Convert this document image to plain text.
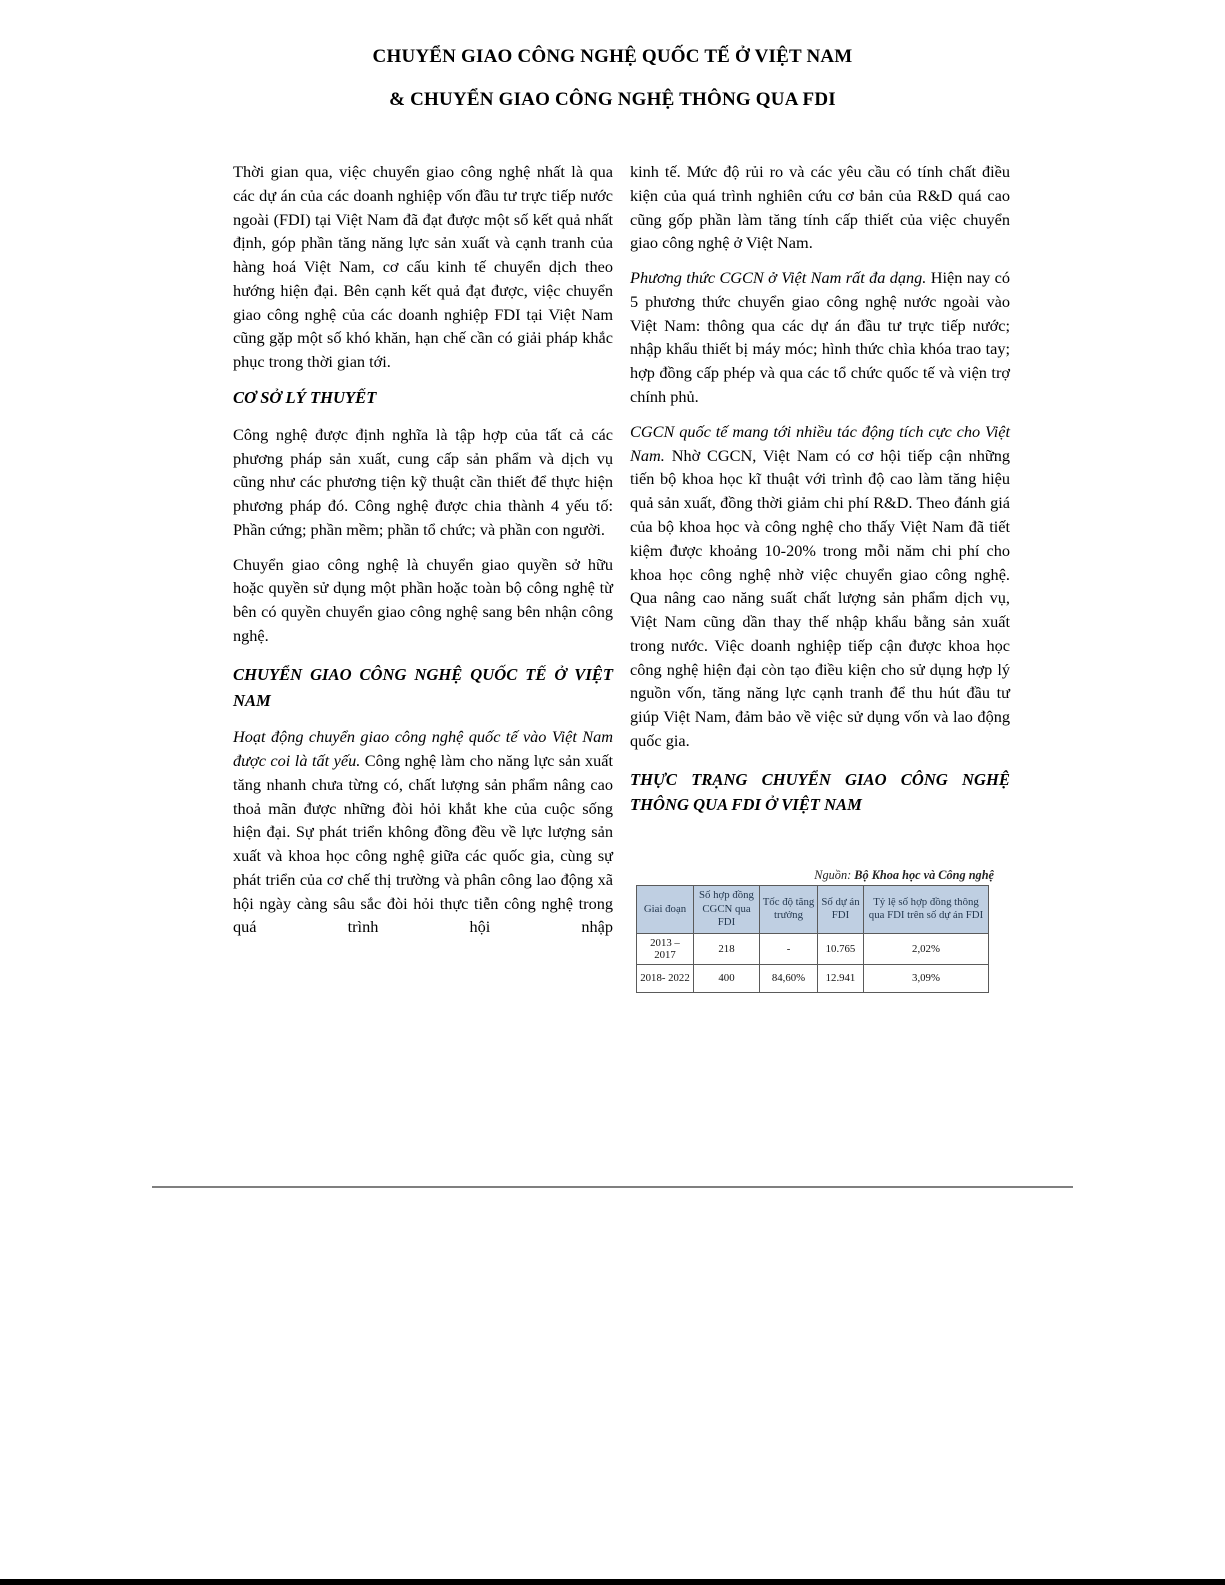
CHUYỂN GIAO CÔNG NGHỆ QUỐC TẾ Ở VIỆT NAM
& CHUYỂN GIAO CÔNG NGHỆ THÔNG QUA FDI

Thời gian qua, việc chuyển giao công nghệ nhất là qua các dự án của các doanh nghiệp vốn đầu tư trực tiếp nước ngoài (FDI) tại Việt Nam đã đạt được một số kết quả nhất định, góp phần tăng năng lực sản xuất và cạnh tranh của hàng hoá Việt Nam, cơ cấu kinh tế chuyển dịch theo hướng hiện đại. Bên cạnh kết quả đạt được, việc chuyển giao công nghệ của các doanh nghiệp FDI tại Việt Nam cũng gặp một số khó khăn, hạn chế cần có giải pháp khắc phục trong thời gian tới.

CƠ SỞ LÝ THUYẾT

Công nghệ được định nghĩa là tập hợp của tất cả các phương pháp sản xuất, cung cấp sản phẩm và dịch vụ cũng như các phương tiện kỹ thuật cần thiết để thực hiện phương pháp đó. Công nghệ được chia thành 4 yếu tố: Phần cứng; phần mềm; phần tổ chức; và phần con người.

Chuyển giao công nghệ là chuyển giao quyền sở hữu hoặc quyền sử dụng một phần hoặc toàn bộ công nghệ từ bên có quyền chuyển giao công nghệ sang bên nhận công nghệ.

CHUYỂN GIAO CÔNG NGHỆ QUỐC TẾ Ở VIỆT NAM

Hoạt động chuyển giao công nghệ quốc tế vào Việt Nam được coi là tất yếu. Công nghệ làm cho năng lực sản xuất tăng nhanh chưa từng có, chất lượng sản phẩm nâng cao thoả mãn được những đòi hỏi khắt khe của cuộc sống hiện đại. Sự phát triển không đồng đều về lực lượng sản xuất và khoa học công nghệ giữa các quốc gia, cùng sự phát triển của cơ chế thị trường và phân công lao động xã hội ngày càng sâu sắc đòi hỏi thực tiễn công nghệ trong quá trình hội nhập

kinh tế. Mức độ rủi ro và các yêu cầu có tính chất điều kiện của quá trình nghiên cứu cơ bản của R&D quá cao cũng gốp phần làm tăng tính cấp thiết của việc chuyển giao công nghệ ở Việt Nam.

Phương thức CGCN ở Việt Nam rất đa dạng. Hiện nay có 5 phương thức chuyển giao công nghệ nước ngoài vào Việt Nam: thông qua các dự án đầu tư trực tiếp nước; nhập khẩu thiết bị máy móc; hình thức chìa khóa trao tay; hợp đồng cấp phép và qua các tổ chức quốc tế và viện trợ chính phủ.

CGCN quốc tế mang tới nhiều tác động tích cực cho Việt Nam. Nhờ CGCN, Việt Nam có cơ hội tiếp cận những tiến bộ khoa học kĩ thuật với trình độ cao làm tăng hiệu quả sản xuất, đồng thời giảm chi phí R&D. Theo đánh giá của bộ khoa học và công nghệ cho thấy Việt Nam đã tiết kiệm được khoảng 10-20% trong mỗi năm chi phí cho khoa học công nghệ nhờ việc chuyển giao công nghệ. Qua nâng cao năng suất chất lượng sản phẩm dịch vụ, Việt Nam cũng dần thay thế nhập khẩu bằng sản xuất trong nước. Việc doanh nghiệp tiếp cận được khoa học công nghệ hiện đại còn tạo điều kiện cho sử dụng hợp lý nguồn vốn, tăng năng lực cạnh tranh để thu hút đầu tư giúp Việt Nam, đảm bảo về việc sử dụng vốn và lao động quốc gia.

THỰC TRẠNG CHUYỂN GIAO CÔNG NGHỆ THÔNG QUA FDI Ở VIỆT NAM

Nguồn: Bộ Khoa học và Công nghệ

Giai đoạn	Số hợp đồng CGCN qua FDI	Tốc độ tăng trưởng	Số dự án FDI	Tỷ lệ số hợp đồng thông qua FDI trên số dự án FDI
2013 – 2017	218	-	10.765	2,02%
2018- 2022	400	84,60%	12.941	3,09%
